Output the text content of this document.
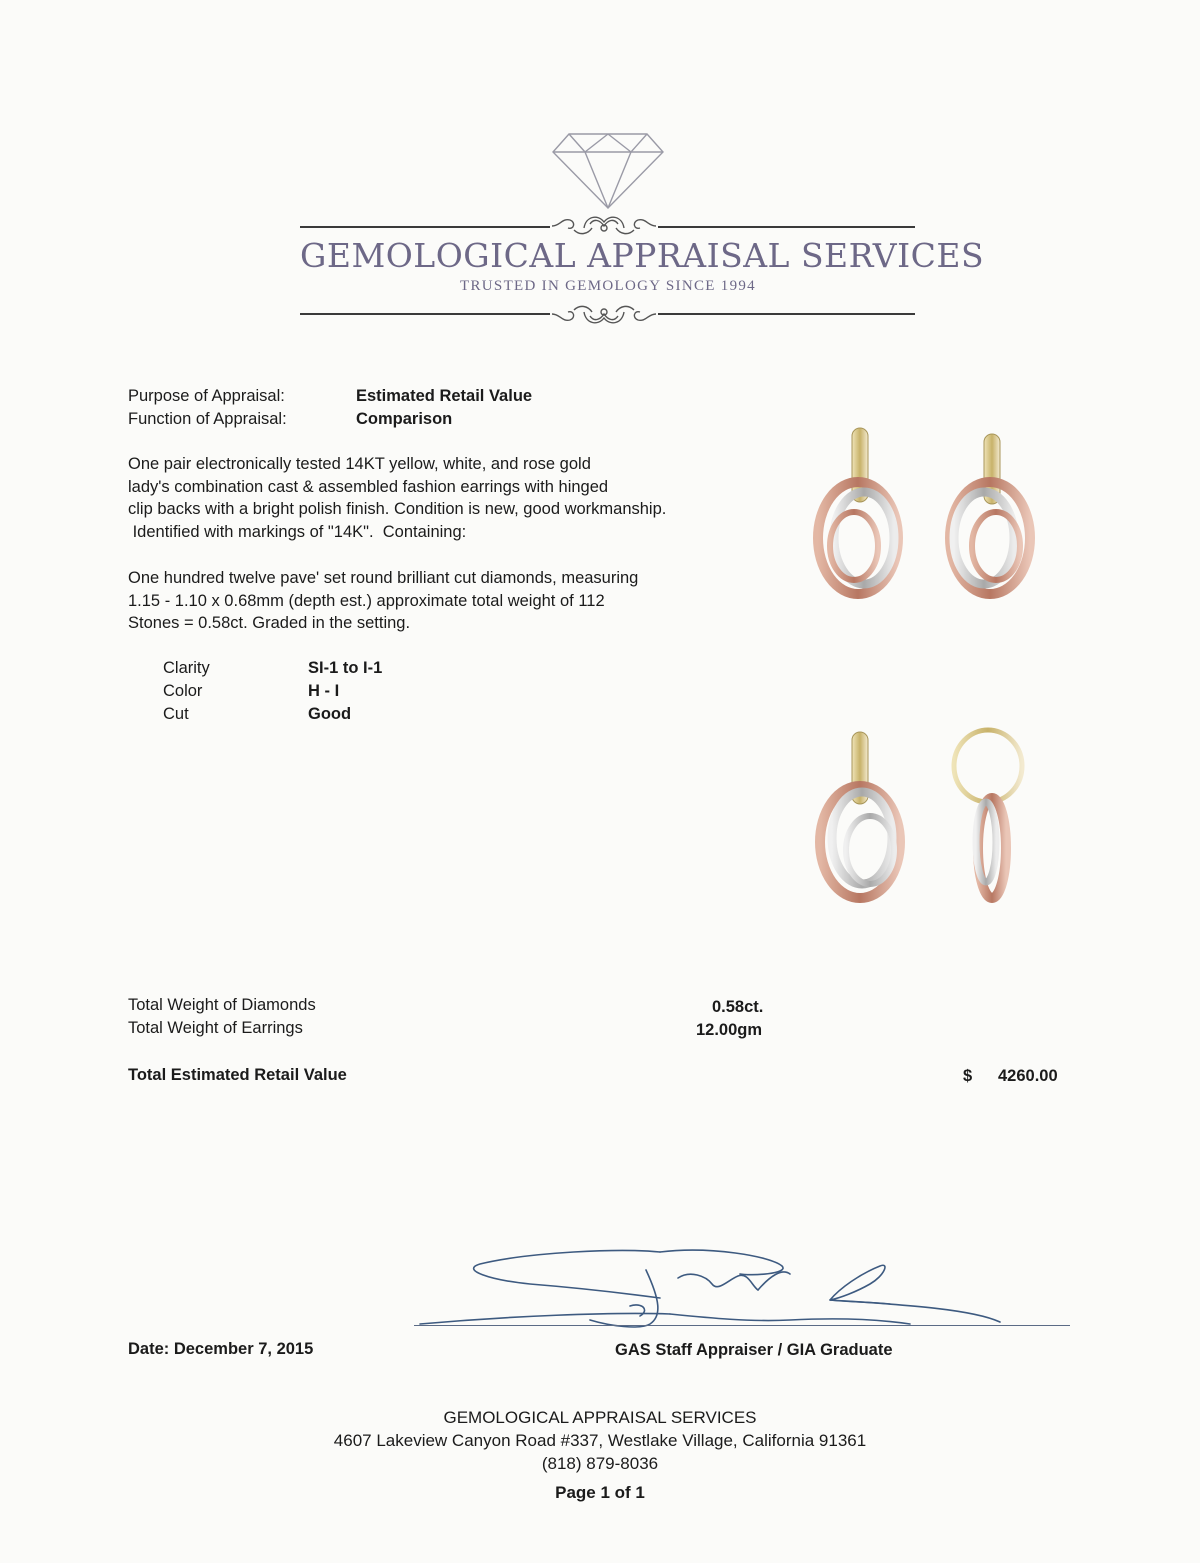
GEMOLOGICAL APPRAISAL SERVICES
TRUSTED IN GEMOLOGY SINCE 1994
Purpose of Appraisal:	Estimated Retail Value
Function of Appraisal:	Comparison
One pair electronically tested 14KT yellow, white, and rose gold
lady's combination cast & assembled fashion earrings with hinged
clip backs with a bright polish finish. Condition is new, good workmanship.
Identified with markings of "14K".  Containing:
One hundred twelve pave' set round brilliant cut diamonds, measuring
1.15 - 1.10 x 0.68mm (depth est.) approximate total weight of 112
Stones = 0.58ct. Graded in the setting.
Clarity	SI-1 to I-1
Color	H - I
Cut	Good
Total Weight of Diamonds	0.58ct.
Total Weight of Earrings	12.00gm
Total Estimated Retail Value	$ 4260.00
Date: December 7, 2015	GAS Staff Appraiser / GIA Graduate
GEMOLOGICAL APPRAISAL SERVICES
4607 Lakeview Canyon Road #337, Westlake Village, California 91361
(818) 879-8036
Page 1 of 1
